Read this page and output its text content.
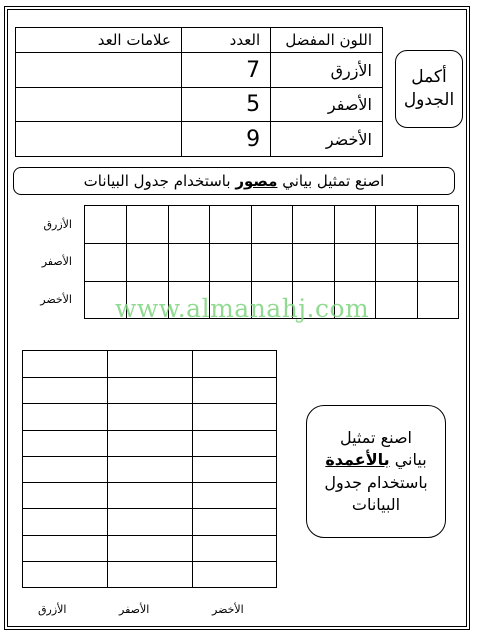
اللون المفضل	العدد	علامات العد
الأزرق	7	
الأصفر	5	
الأخضر	9	
أكمل
الجدول
اصنع تمثيل بياني مصور باستخدام جدول البيانات
الأزرق
الأصفر
الأخضر www.almanahj.com
الأزرق	الأصفر	الأخضر
اصنع تمثيل
بياني بالأعمدة
باستخدام جدول
البيانات
